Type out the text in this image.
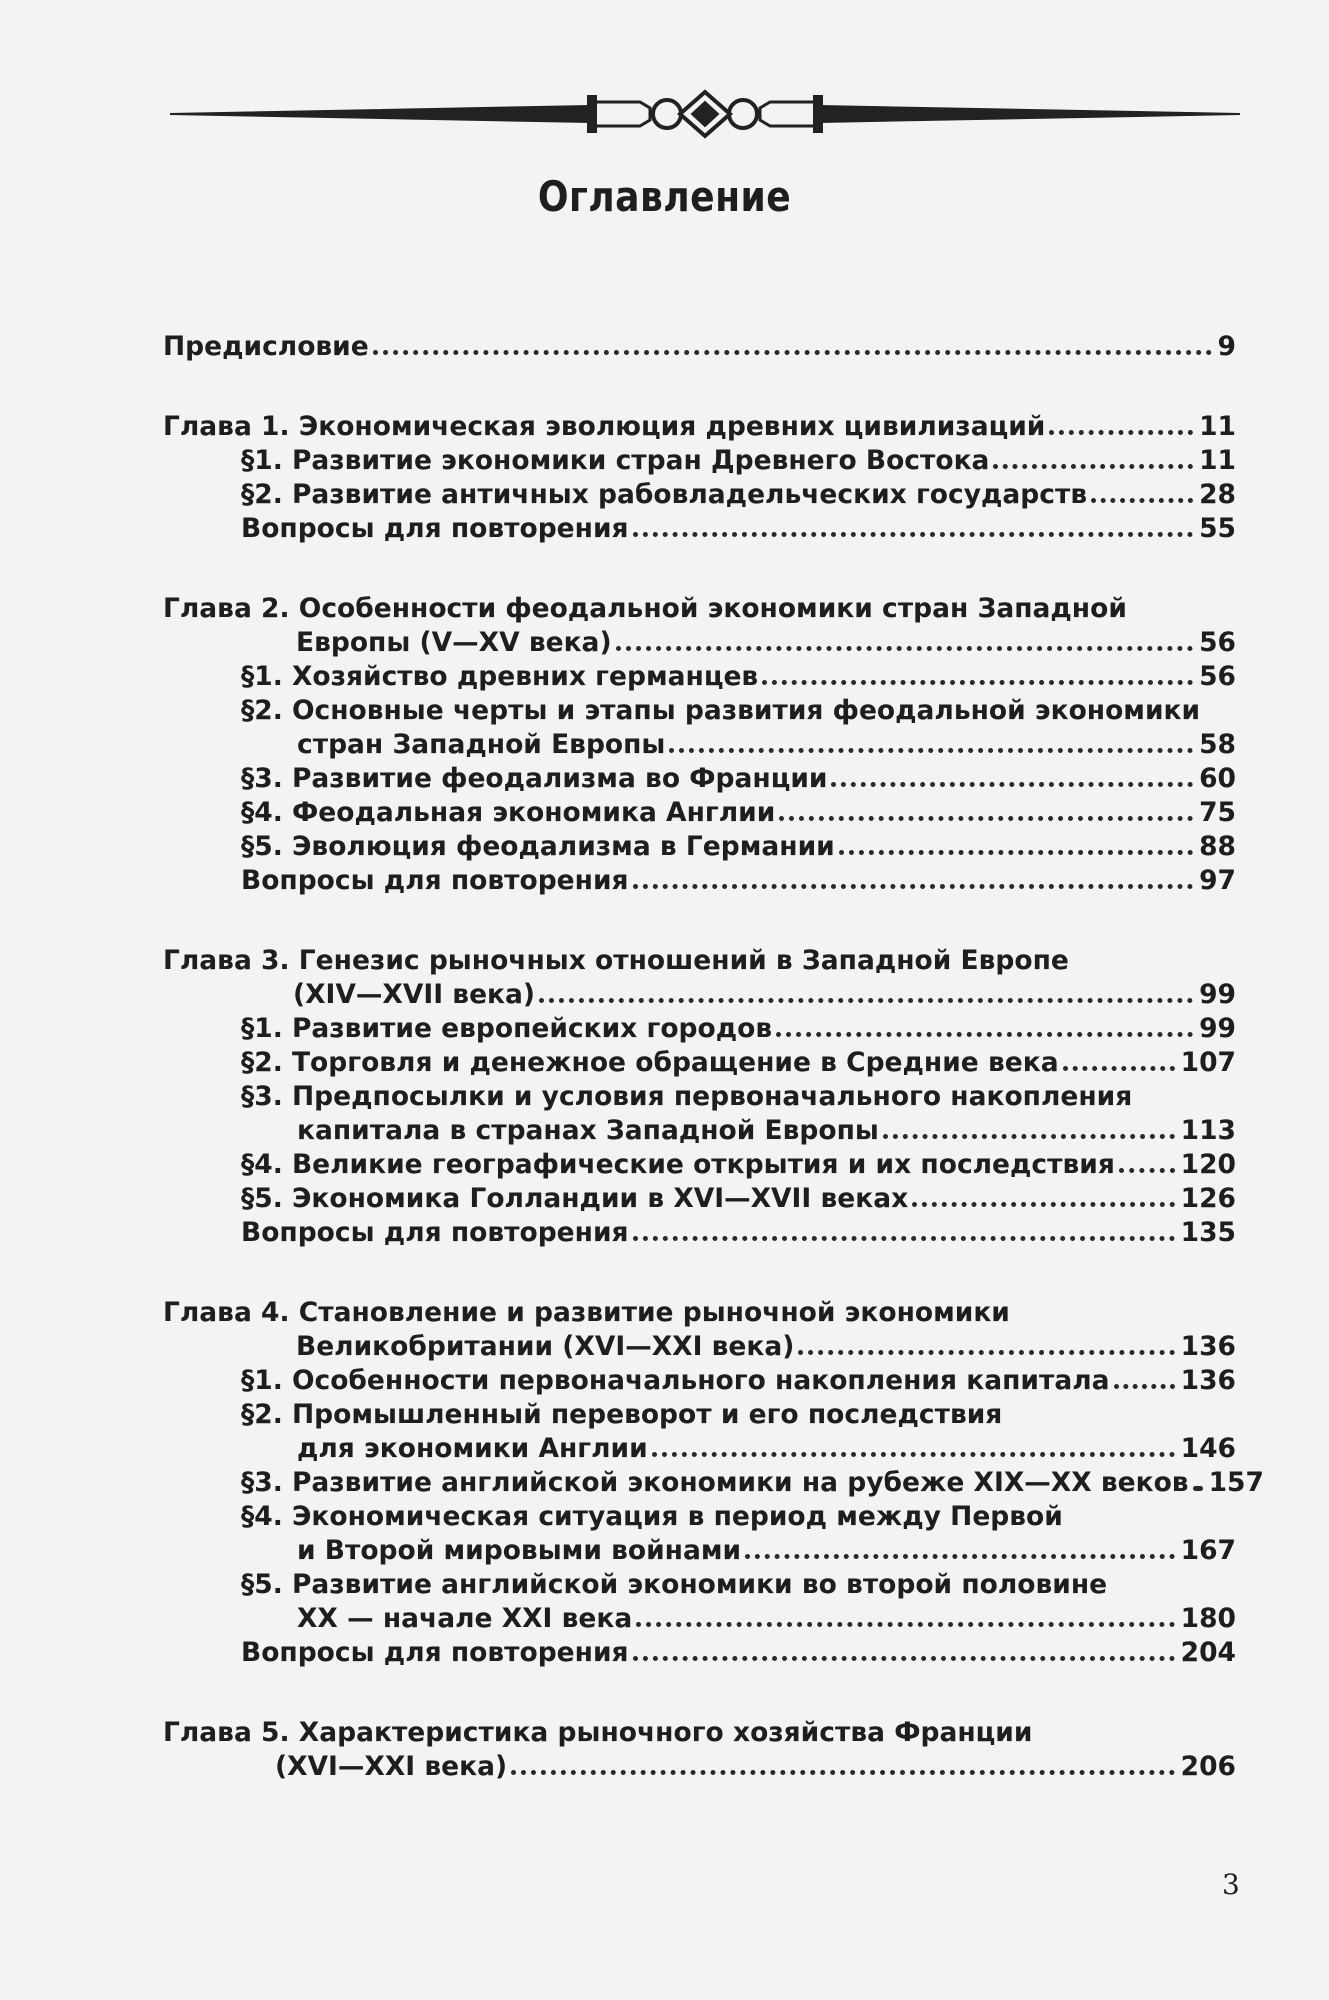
Оглавление
Предисловие	9
Глава 1. Экономическая эволюция древних цивилизаций	11
§1. Развитие экономики стран Древнего Востока	11
§2. Развитие античных рабовладельческих государств	28
Вопросы для повторения	55
Глава 2. Особенности феодальной экономики стран Западной
Европы (V—XV века)	56
§1. Хозяйство древних германцев	56
§2. Основные черты и этапы развития феодальной экономики
стран Западной Европы	58
§3. Развитие феодализма во Франции	60
§4. Феодальная экономика Англии	75
§5. Эволюция феодализма в Германии	88
Вопросы для повторения	97
Глава 3. Генезис рыночных отношений в Западной Европе
(XIV—XVII века)	99
§1. Развитие европейских городов	99
§2. Торговля и денежное обращение в Средние века	107
§3. Предпосылки и условия первоначального накопления
капитала в странах Западной Европы	113
§4. Великие географические открытия и их последствия 120
§5. Экономика Голландии в XVI—XVII веках	126
Вопросы для повторения	135
Глава 4. Становление и развитие рыночной экономики
Великобритании (XVI—XXI века)	136
§1. Особенности первоначального накопления капитала	136
§2. Промышленный переворот и его последствия
для экономики Англии	146
§3. Развитие английской экономики на рубеже XIX—XX веков 157
§4. Экономическая ситуация в период между Первой
и Второй мировыми войнами	167
§5. Развитие английской экономики во второй половине
XX — начале XXI века	180
Вопросы для повторения	204
Глава 5. Характеристика рыночного хозяйства Франции
(XVI—XXI века)	206
3
